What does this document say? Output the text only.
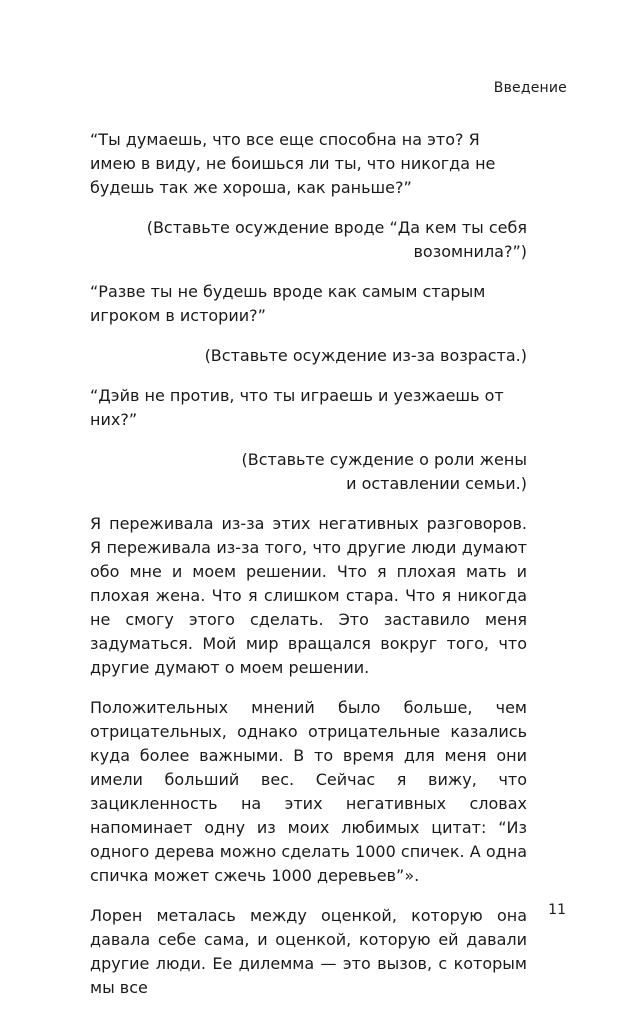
Введение

“Ты думаешь, что все еще способна на это? Я имею в виду, не боишься ли ты, что никогда не будешь так же хороша, как раньше?”

(Вставьте осуждение вроде “Да кем ты себя
возомнила?”)

“Разве ты не будешь вроде как самым старым игроком в истории?”

(Вставьте осуждение из-за возраста.)

“Дэйв не против, что ты играешь и уезжаешь от них?”

(Вставьте суждение о роли жены
и оставлении семьи.)

Я переживала из-за этих негативных разговоров. Я переживала из-за того, что другие люди думают обо мне и моем решении. Что я плохая мать и плохая жена. Что я слишком стара. Что я никогда не смогу этого сделать. Это заставило меня задуматься. Мой мир вращался вокруг того, что другие думают о моем решении.

Положительных мнений было больше, чем отрицательных, однако отрицательные казались куда более важными. В то время для меня они имели больший вес. Сейчас я вижу, что зацикленность на этих негативных словах напоминает одну из моих любимых цитат: “Из одного дерева можно сделать 1000 спичек. А одна спичка может сжечь 1000 деревьев”».

Лорен металась между оценкой, которую она давала себе сама, и оценкой, которую ей давали другие люди. Ее дилемма — это вызов, с которым мы все

11
